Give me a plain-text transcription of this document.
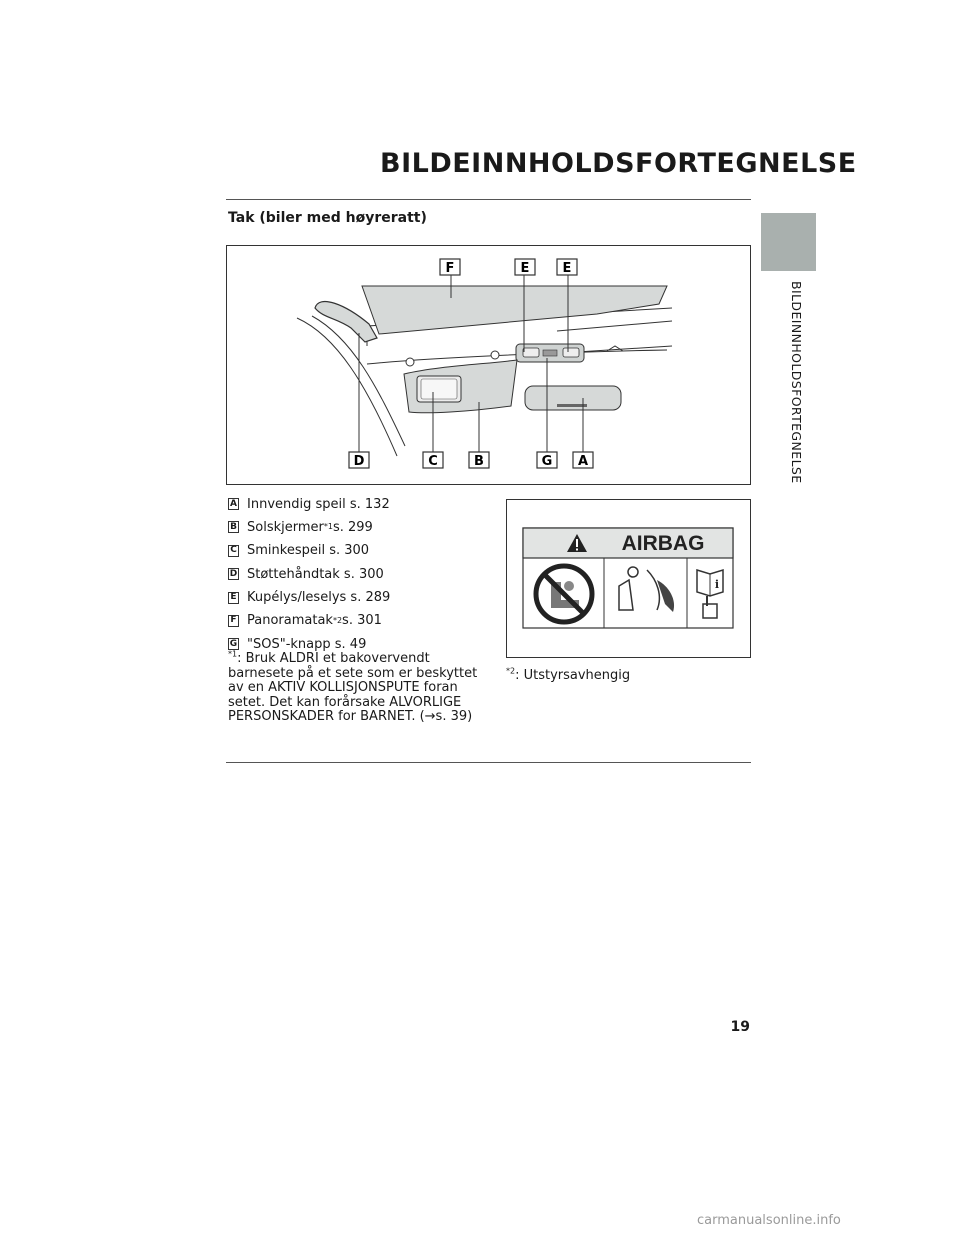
BILDEINNHOLDSFORTEGNELSE
BILDEINNHOLDSFORTEGNELSE
Tak (biler med høyreratt)
F	E	E
D	C	B	G A
A Innvendig speil s. 132
B Solskjermer *1 s. 299
C Sminkespeil s. 300
D Støttehåndtak s. 300
E Kupélys/leselys s. 289
F Panoramatak *2 s. 301
G "SOS"-knapp s. 49
$^{*1}$: Bruk ALDRI et bakovervendt barnesete på et sete som er beskyttet av en AKTIV KOLLISJONSPUTE foran setet. Det kan forårsake ALVORLIGE PERSONSKADER for BARNET. (→s. 39)
AIRBAG
i
$^{*2}$: Utstyrsavhengig
19
carmanualsonline.info
